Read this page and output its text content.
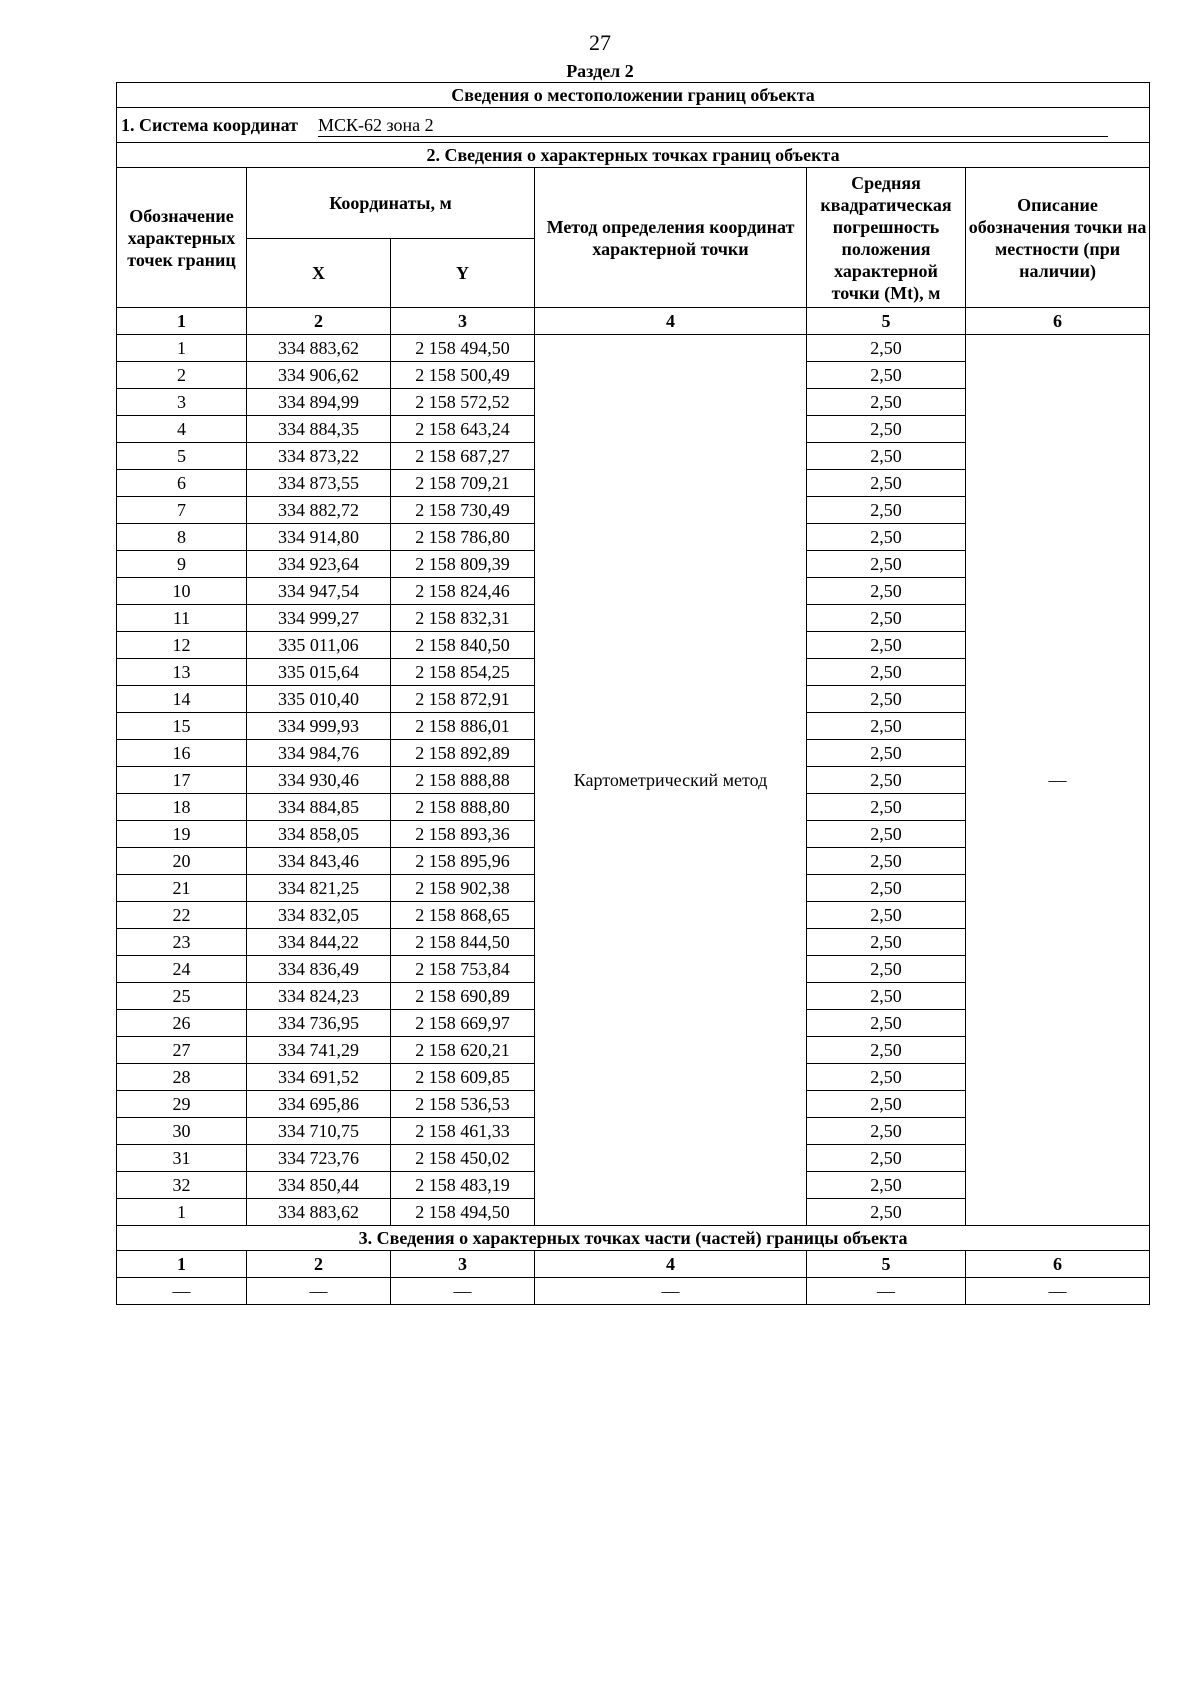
27
Раздел 2
Сведения о местоположении границ объекта					
1. Система координат МСК-62 зона 2					
2. Сведения о характерных точках границ объекта					
Обозначение характерных точек границ	Координаты, м		Метод определения координат характерной точки	Средняя квадратическая погрешность положения характерной точки (Mt), м	Описание обозначения точки на местности (при наличии)
	X	Y			
1	2	3	4	5	6
1	334 883,62	2 158 494,50	Картометрический метод	2,50	—
2	334 906,62	2 158 500,49		2,50	
3	334 894,99	2 158 572,52		2,50	
4	334 884,35	2 158 643,24		2,50	
5	334 873,22	2 158 687,27		2,50	
6	334 873,55	2 158 709,21		2,50	
7	334 882,72	2 158 730,49		2,50	
8	334 914,80	2 158 786,80		2,50	
9	334 923,64	2 158 809,39		2,50	
10	334 947,54	2 158 824,46		2,50	
11	334 999,27	2 158 832,31		2,50	
12	335 011,06	2 158 840,50		2,50	
13	335 015,64	2 158 854,25		2,50	
14	335 010,40	2 158 872,91		2,50	
15	334 999,93	2 158 886,01		2,50	
16	334 984,76	2 158 892,89		2,50	
17	334 930,46	2 158 888,88		2,50	
18	334 884,85	2 158 888,80		2,50	
19	334 858,05	2 158 893,36		2,50	
20	334 843,46	2 158 895,96		2,50	
21	334 821,25	2 158 902,38		2,50	
22	334 832,05	2 158 868,65		2,50	
23	334 844,22	2 158 844,50		2,50	
24	334 836,49	2 158 753,84		2,50	
25	334 824,23	2 158 690,89		2,50	
26	334 736,95	2 158 669,97		2,50	
27	334 741,29	2 158 620,21		2,50	
28	334 691,52	2 158 609,85		2,50	
29	334 695,86	2 158 536,53		2,50	
30	334 710,75	2 158 461,33		2,50	
31	334 723,76	2 158 450,02		2,50	
32	334 850,44	2 158 483,19		2,50	
1	334 883,62	2 158 494,50		2,50	
3. Сведения о характерных точках части (частей) границы объекта					
1	2	3	4	5	6
—	—	—	—	—	—
